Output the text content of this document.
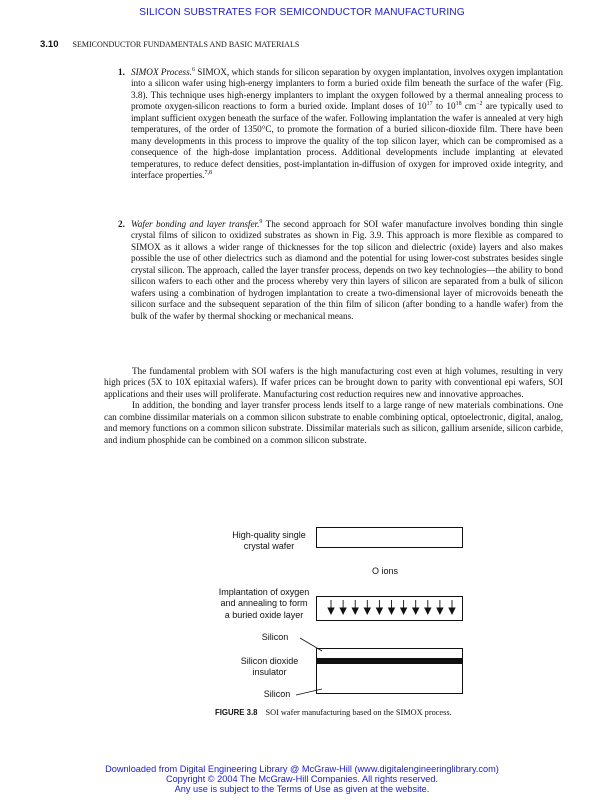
SILICON SUBSTRATES FOR SEMICONDUCTOR MANUFACTURING
3.10 SEMICONDUCTOR FUNDAMENTALS AND BASIC MATERIALS
1. SIMOX Process.$^6$ SIMOX, which stands for silicon separation by oxygen implantation, involves oxygen implantation into a silicon wafer using high-energy implanters to form a buried oxide film beneath the surface of the wafer (Fig. 3.8). This technique uses high-energy implanters to implant the oxygen followed by a thermal annealing process to promote oxygen-silicon reactions to form a buried oxide. Implant doses of $10^{17}$ to $10^{18}$ $cm^{-2}$ are typically used to implant sufficient oxygen beneath the surface of the wafer. Following implantation the wafer is annealed at very high temperatures, of the order of 1350°C, to promote the formation of a buried silicon-dioxide film. There have been many developments in this process to improve the quality of the top silicon layer, which can be compromised as a consequence of the high-dose implantation process. Additional developments include implanting at elevated temperatures, to reduce defect densities, post-implantation in-diffusion of oxygen for improved oxide integrity, and interface properties.$^{7,8}$
2. Wafer bonding and layer transfer.$^9$ The second approach for SOI wafer manufacture involves bonding thin single crystal films of silicon to oxidized substrates as shown in Fig. 3.9. This approach is more flexible as compared to SIMOX as it allows a wider range of thicknesses for the top silicon and dielectric (oxide) layers and also makes possible the use of other dielectrics such as diamond and the potential for using lower-cost substrates besides single crystal silicon. The approach, called the layer transfer process, depends on two key technologies—the ability to bond silicon wafers to each other and the process whereby very thin layers of silicon are separated from a bulk of silicon wafers using a combination of hydrogen implantation to create a two-dimensional layer of microvoids beneath the silicon surface and the subsequent separation of the thin film of silicon (after bonding to a handle wafer) from the bulk of the wafer by thermal shocking or mechanical means.

The fundamental problem with SOI wafers is the high manufacturing cost even at high volumes, resulting in very high prices (5X to 10X epitaxial wafers). If wafer prices can be brought down to parity with conventional epi wafers, SOI applications and their uses will proliferate. Manufacturing cost reduction requires new and innovative approaches.

In addition, the bonding and layer transfer process lends itself to a large range of new materials combinations. One can combine dissimilar materials on a common silicon substrate to enable combining optical, optoelectronic, digital, analog, and memory functions on a common silicon substrate. Dissimilar materials such as silicon, gallium arsenide, silicon carbide, and indium phosphide can be combined on a common silicon substrate.

High-quality single
crystal wafer
O ions
Implantation of oxygen
and annealing to form
a buried oxide layer
Silicon
Silicon dioxide
insulator
Silicon
FIGURE 3.8 SOI wafer manufacturing based on the SIMOX process.
Downloaded from Digital Engineering Library @ McGraw-Hill (www.digitalengineeringlibrary.com)
Copyright © 2004 The McGraw-Hill Companies. All rights reserved.
Any use is subject to the Terms of Use as given at the website.
